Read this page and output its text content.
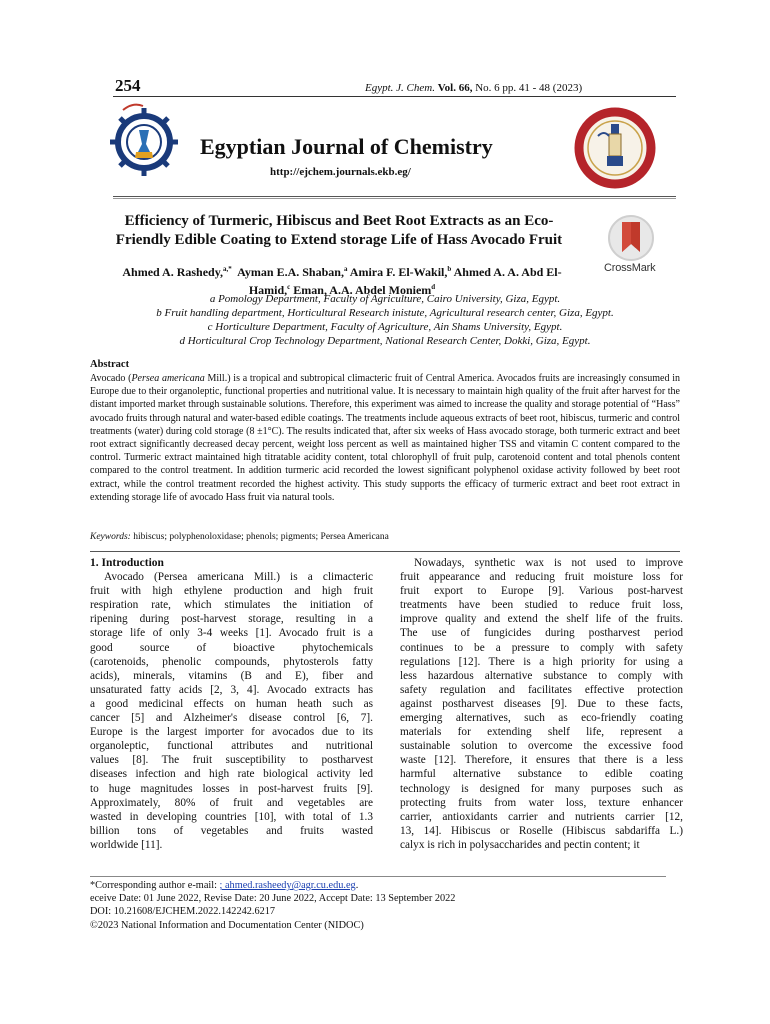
254	Egypt. J. Chem. Vol. 66, No. 6 pp. 41 - 48 (2023)
Egyptian Journal of Chemistry
http://ejchem.journals.ekb.eg/
Efficiency of Turmeric, Hibiscus and Beet Root Extracts as an Eco-
Friendly Edible Coating to Extend storage Life of Hass Avocado Fruit
CrossMark
Ahmed A. Rashedy,$^{a,*}$  Ayman E.A. Shaban,$^a$ Amira F. El-Wakil,$^b$ Ahmed A. A. Abd El-
Hamid,$^c$ Eman, A.A. Abdel Moniem$^d$
a Pomology Department, Faculty of Agriculture, Cairo University, Giza, Egypt.
b Fruit handling department, Horticultural Research inistute, Agricultural research center, Giza, Egypt.
c Horticulture Department, Faculty of Agriculture, Ain Shams University, Egypt.
d Horticultural Crop Technology Department, National Research Center, Dokki, Giza, Egypt.
Abstract
Avocado (Persea americana Mill.) is a tropical and subtropical climacteric fruit of Central America. Avocados fruits are increasingly consumed in Europe due to their organoleptic, functional properties and nutritional value. It is necessary to maintain high quality of the fruit after harvest for the distant imported market through sustainable solutions. Therefore, this experiment was aimed to increase the quality and storage potential of “Hass” avocado fruits through natural and water-based edible coatings. The treatments include aqueous extracts of beet root, hibiscus, turmeric and control treatments (water) during cold storage (8 ±1°C). The results indicated that, after six weeks of Hass avocado storage, both turmeric extract and beet root extract significantly decreased decay percent, weight loss percent as well as maintained higher TSS and vitamin C content compared to the control. Turmeric extract maintained high titratable acidity content, total chlorophyll of fruit pulp, carotenoid content and total phenols content compared to the control treatment. In addition turmeric acid recorded the lowest significant polyphenol oxidase activity followed by beet root extract, while the control treatment recorded the highest activity. This study supports the efficacy of turmeric extract and beet root extract in extending storage life of avocado Hass fruit via natural tools.
Keywords: hibiscus; polyphenoloxidase; phenols; pigments; Persea Americana
1. Introduction
Avocado (Persea americana Mill.) is a climacteric
fruit with high ethylene production and high fruit
respiration rate, which stimulates the initiation of
ripening during post-harvest storage, resulting in a
storage life of only 3-4 weeks [1]. Avocado fruit is a
good source of bioactive phytochemicals
(carotenoids, phenolic compounds, phytosterols fatty
acids), minerals, vitamins (B and E), fiber and
unsaturated fatty acids [2, 3, 4]. Avocado extracts has
a good medicinal effects on human heath such as
cancer [5] and Alzheimer's disease control [6, 7].
Europe is the largest importer for avocados due to its
organoleptic, functional attributes and nutritional
values [8]. The fruit susceptibility to postharvest
diseases infection and high rate biological activity led
to huge magnitudes losses in post-harvest fruits [9].
Approximately, 80% of fruit and vegetables are
wasted in developing countries [10], with total of 1.3
billion tons of vegetables and fruits wasted
worldwide [11].
Nowadays, synthetic wax is not used to improve
fruit appearance and reducing fruit moisture loss for
fruit export to Europe [9]. Various post-harvest
treatments have been studied to reduce fruit loss,
improve quality and extend the shelf life of the fruits.
The use of fungicides during postharvest period
continues to be a pressure to comply with safety
regulations [12]. There is a high priority for using a
less hazardous alternative substance to comply with
safety regulation and facilitates effective protection
against postharvest diseases [9]. Due to these facts,
emerging alternatives, such as eco-friendly coating
materials for extending shelf life, represent a
sustainable solution to overcome the excessive food
waste [12]. Therefore, it ensures that there is a less
harmful alternative substance to edible coating
technology is designed for many purposes such as
protecting fruits from water loss, texture enhancer
carrier, antioxidants carrier and nutrients carrier [12,
13, 14]. Hibiscus or Roselle (Hibiscus sabdariffa L.)
calyx is rich in polysaccharides and pectin content; it
*Corresponding author e-mail: ; ahmed.rasheedy@agr.cu.edu.eg.
eceive Date: 01 June 2022, Revise Date: 20 June 2022, Accept Date: 13 September 2022
DOI: 10.21608/EJCHEM.2022.142242.6217
©2023 National Information and Documentation Center (NIDOC)
